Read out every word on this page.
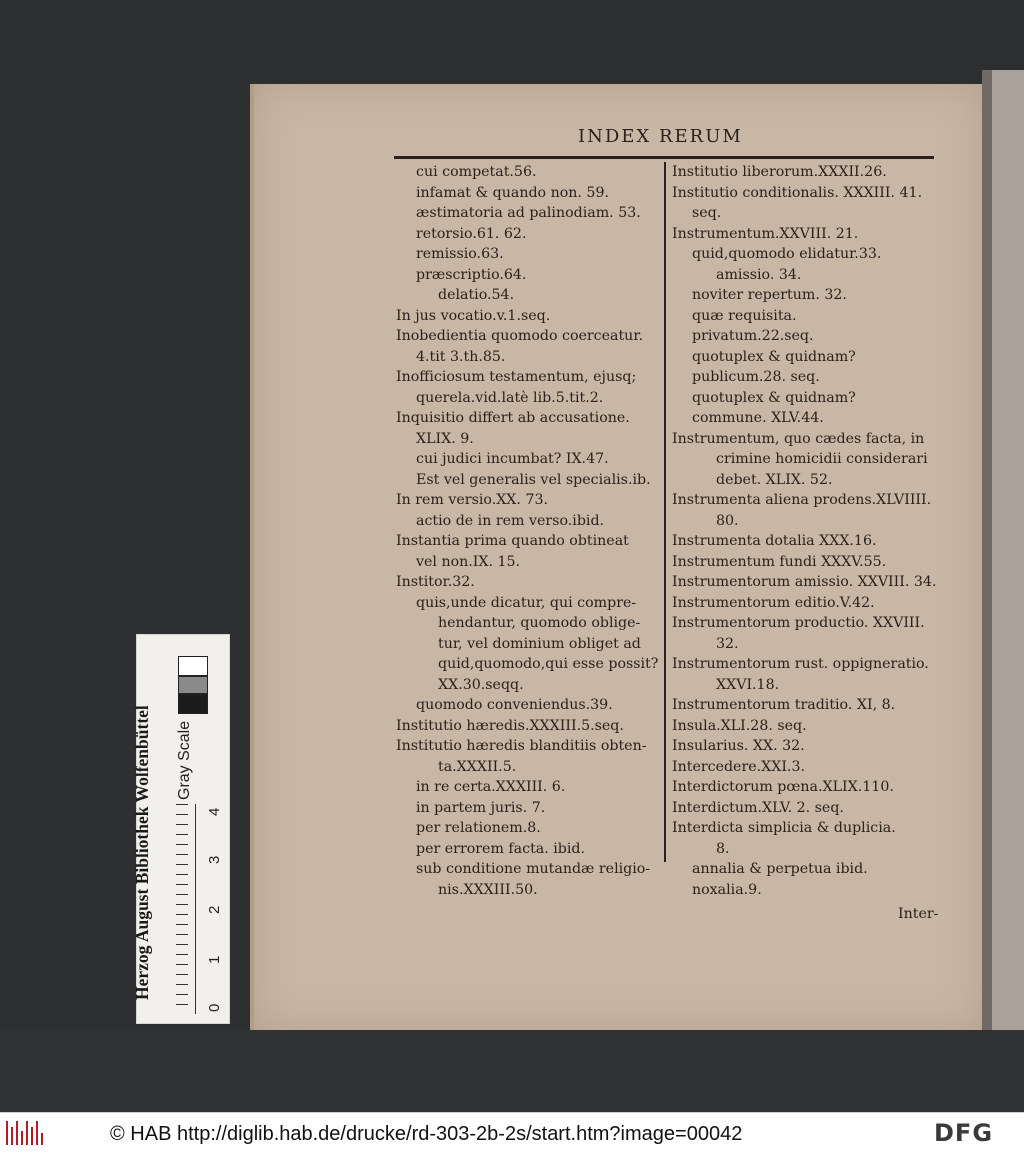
INDEX RERUM
cui competat.56.
infamat & quando non. 59.
æstimatoria ad palinodiam. 53.
retorsio.61. 62.
remissio.63.
præscriptio.64.
delatio.54.
In jus vocatio.v.1.seq.
Inobedientia quomodo coerceatur.
4.tit 3.th.85.
Inofficiosum testamentum, ejusq;
querela.vid.latè lib.5.tit.2.
Inquisitio differt ab accusatione.
XLIX. 9.
cui judici incumbat? IX.47.
Est vel generalis vel specialis.ib.
In rem versio.XX. 73.
actio de in rem verso.ibid.
Instantia prima quando obtineat
vel non.IX. 15.
Institor.32.
quis,unde dicatur, qui compre-
hendantur, quomodo oblige-
tur, vel dominium obliget ad
quid,quomodo,qui esse possit?
XX.30.seqq.
quomodo conveniendus.39.
Institutio hæredis.XXXIII.5.seq.
Institutio hæredis blanditiis obten-
ta.XXXII.5.
in re certa.XXXIII. 6.
in partem juris. 7.
per relationem.8.
per errorem facta. ibid.
sub conditione mutandæ religio-
nis.XXXIII.50.
Institutio liberorum.XXXII.26.
Institutio conditionalis. XXXIII. 41.
seq.
Instrumentum.XXVIII. 21.
quid,quomodo elidatur.33.
amissio. 34.
noviter repertum. 32.
quæ requisita.
privatum.22.seq.
quotuplex & quidnam?
publicum.28. seq.
quotuplex & quidnam?
commune. XLV.44.
Instrumentum, quo cædes facta, in
crimine homicidii considerari
debet. XLIX. 52.
Instrumenta aliena prodens.XLVIIII.
80.
Instrumenta dotalia XXX.16.
Instrumentum fundi XXXV.55.
Instrumentorum amissio. XXVIII. 34.
Instrumentorum editio.V.42.
Instrumentorum productio. XXVIII.
32.
Instrumentorum rust. oppigneratio.
XXVI.18.
Instrumentorum traditio. XI, 8.
Insula.XLI.28. seq.
Insularius. XX. 32.
Intercedere.XXI.3.
Interdictorum pœna.XLIX.110.
Interdictum.XLV. 2. seq.
Interdicta simplicia & duplicia.
8.
annalia & perpetua ibid.
noxalia.9.
Inter-
Herzog August Bibliothek Wolfenbüttel Gray Scale
0
1
2
3
4
© HAB http://diglib.hab.de/drucke/rd-303-2b-2s/start.htm?image=00042	DFG
